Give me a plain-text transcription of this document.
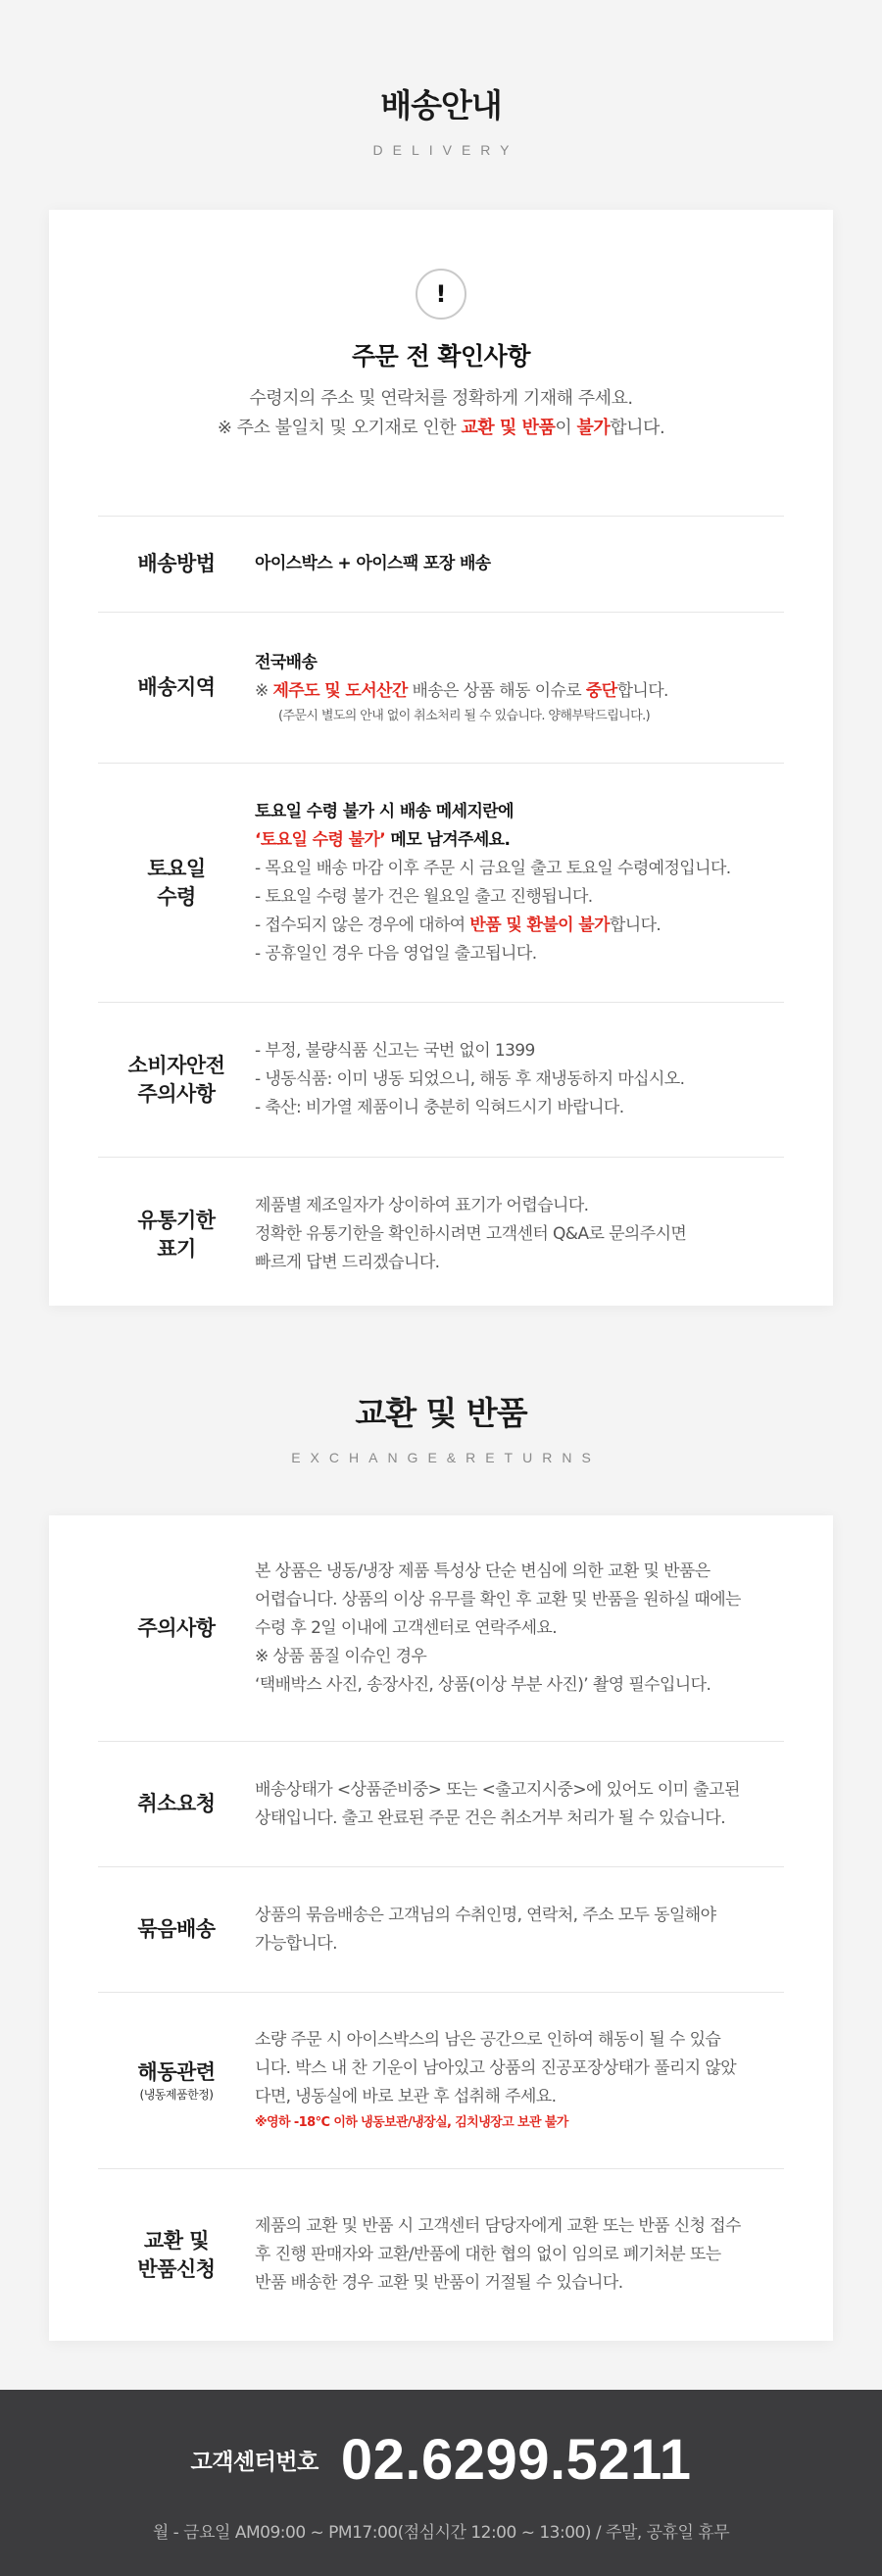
배송안내
DELIVERY
!
주문 전 확인사항
수령지의 주소 및 연락처를 정확하게 기재해 주세요.
※ 주소 불일치 및 오기재로 인한 교환 및 반품이 불가합니다.
배송방법	아이스박스 + 아이스팩 포장 배송
배송지역
전국배송
※ 제주도 및 도서산간 배송은 상품 해동 이슈로 중단합니다.
(주문시 별도의 안내 없이 취소처리 될 수 있습니다. 양해부탁드립니다.)
토요일
수령
토요일 수령 불가 시 배송 메세지란에
‘토요일 수령 불가’ 메모 남겨주세요.
- 목요일 배송 마감 이후 주문 시 금요일 출고 토요일 수령예정입니다.
- 토요일 수령 불가 건은 월요일 출고 진행됩니다.
- 접수되지 않은 경우에 대하여 반품 및 환불이 불가합니다.
- 공휴일인 경우 다음 영업일 출고됩니다.
소비자안전
주의사항
- 부정, 불량식품 신고는 국번 없이 1399
- 냉동식품: 이미 냉동 되었으니, 해동 후 재냉동하지 마십시오.
- 축산: 비가열 제품이니 충분히 익혀드시기 바랍니다.
유통기한
표기
제품별 제조일자가 상이하여 표기가 어렵습니다.
정확한 유통기한을 확인하시려면 고객센터 Q&A로 문의주시면
빠르게 답변 드리겠습니다.
교환 및 반품
EXCHANGE&RETURNS
주의사항
본 상품은 냉동/냉장 제품 특성상 단순 변심에 의한 교환 및 반품은
어렵습니다. 상품의 이상 유무를 확인 후 교환 및 반품을 원하실 때에는
수령 후 2일 이내에 고객센터로 연락주세요.
※ 상품 품질 이슈인 경우
‘택배박스 사진, 송장사진, 상품(이상 부분 사진)’ 촬영 필수입니다.
취소요청
배송상태가 <상품준비중> 또는 <출고지시중>에 있어도 이미 출고된
상태입니다. 출고 완료된 주문 건은 취소거부 처리가 될 수 있습니다.
묶음배송
상품의 묶음배송은 고객님의 수취인명, 연락처, 주소 모두 동일해야
가능합니다.
해동관련
(냉동제품한정)
소량 주문 시 아이스박스의 남은 공간으로 인하여 해동이 될 수 있습
니다. 박스 내 찬 기운이 남아있고 상품의 진공포장상태가 풀리지 않았
다면, 냉동실에 바로 보관 후 섭취해 주세요.
※영하 -18°C 이하 냉동보관/냉장실, 김치냉장고 보관 불가
교환 및
반품신청
제품의 교환 및 반품 시 고객센터 담당자에게 교환 또는 반품 신청 접수
후 진행 판매자와 교환/반품에 대한 협의 없이 임의로 폐기처분 또는
반품 배송한 경우 교환 및 반품이 거절될 수 있습니다.
고객센터번호 02.6299.5211
월 - 금요일 AM09:00 ~ PM17:00(점심시간 12:00 ~ 13:00) / 주말, 공휴일 휴무
